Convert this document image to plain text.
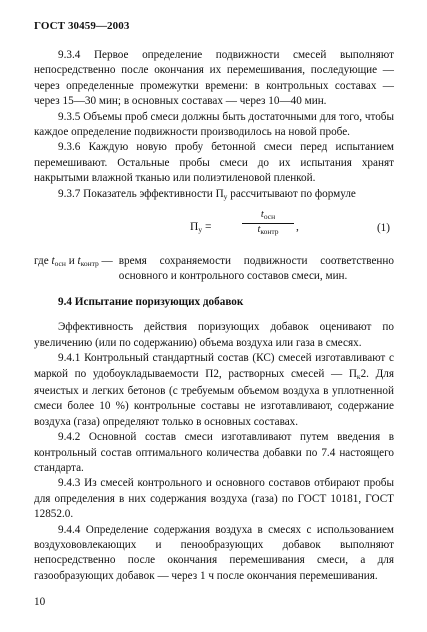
ГОСТ 30459—2003

9.3.4 Первое определение подвижности смесей выполняют непосредственно после окончания их перемешивания, последующие — через определенные промежутки времени: в контрольных составах — через 15—30 мин; в основных составах — через 10—40 мин.

9.3.5 Объемы проб смеси должны быть достаточными для того, чтобы каждое определение подвижности производилось на новой пробе.

9.3.6 Каждую новую пробу бетонной смеси перед испытанием перемешивают. Остальные пробы смеси до их испытания хранят накрытыми влажной тканью или полиэтиленовой пленкой.

9.3.7 Показатель эффективности $П_у$ рассчитывают по формуле

$П_у$ =
$t_{осн}$
$t_{контр}$	,	(1)
где $t_{осн}$ и $t_{контр}$ — время сохраняемости подвижности соответственно основного и контрольного составов смеси, мин.
9.4 Испытание поризующих добавок

Эффективность действия поризующих добавок оценивают по увеличению (или по содержанию) объема воздуха или газа в смесях.

9.4.1 Контрольный стандартный состав (КС) смесей изготавливают с маркой по удобоукладываемости П2, растворных смесей — $П_к2$. Для ячеистых и легких бетонов (с требуемым объемом воздуха в уплотненной смеси более 10 %) контрольные составы не изготавливают, содержание воздуха (газа) определяют только в основных составах.

9.4.2 Основной состав смеси изготавливают путем введения в контрольный состав оптимального количества добавки по 7.4 настоящего стандарта.

9.4.3 Из смесей контрольного и основного составов отбирают пробы для определения в них содержания воздуха (газа) по ГОСТ 10181, ГОСТ 12852.0.

9.4.4 Определение содержания воздуха в смесях с использованием воздухововлекающих и пенообразующих добавок выполняют непосредственно после окончания перемешивания смеси, а для газообразующих добавок — через 1 ч после окончания перемешивания.

10
